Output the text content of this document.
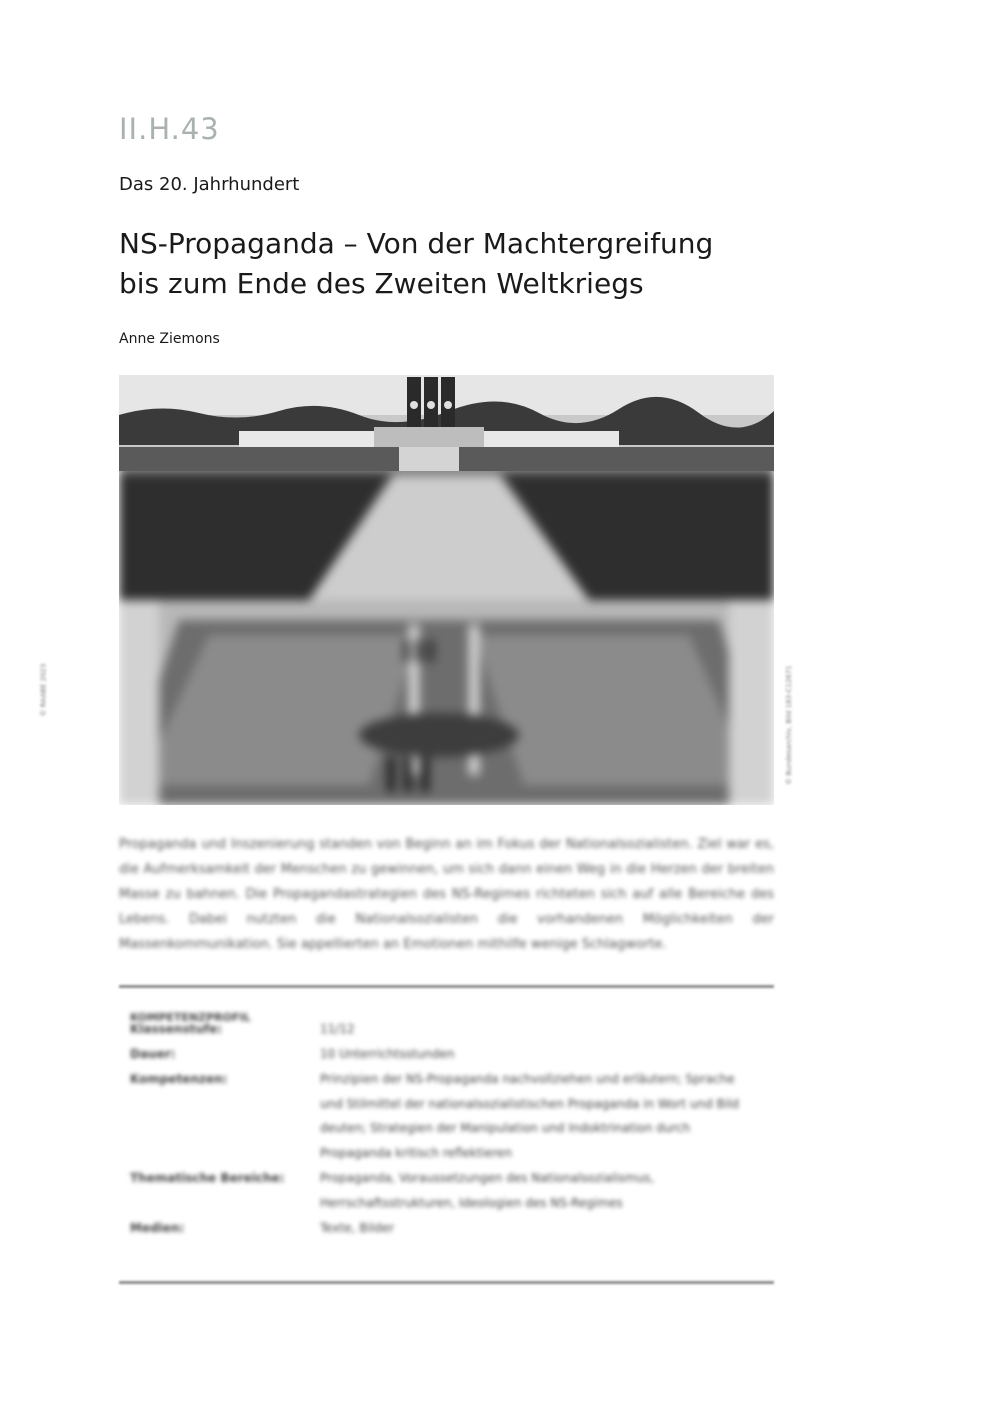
II.H.43
Das 20. Jahrhundert
NS-Propaganda – Von der Machtergreifung
bis zum Ende des Zweiten Weltkriegs
Anne Ziemons
© RAABE 2023	© Bundesarchiv, Bild 183-C12671

Propaganda und Inszenierung standen von Beginn an im Fokus der Nationalsozialisten. Ziel war es, die Aufmerksamkeit der Menschen zu gewinnen, um sich dann einen Weg in die Herzen der breiten Masse zu bahnen. Die Propagandastrategien des NS-Regimes richteten sich auf alle Bereiche des Lebens. Dabei nutzten die Nationalsozialisten die vorhandenen Möglichkeiten der Massenkommunikation. Sie appellierten an Emotionen mithilfe wenige Schlagworte.

KOMPETENZPROFIL
Klassenstufe:	11/12
Dauer:	10 Unterrichtsstunden
Kompetenzen:	Prinzipien der NS-Propaganda nachvollziehen und erläutern; Sprache und Stilmittel der nationalsozialistischen Propaganda in Wort und Bild deuten; Strategien der Manipulation und Indoktrination durch Propaganda kritisch reflektieren
Thematische Bereiche:	Propaganda, Voraussetzungen des Nationalsozialismus, Herrschaftsstrukturen, Ideologien des NS-Regimes
Medien:	Texte, Bilder
